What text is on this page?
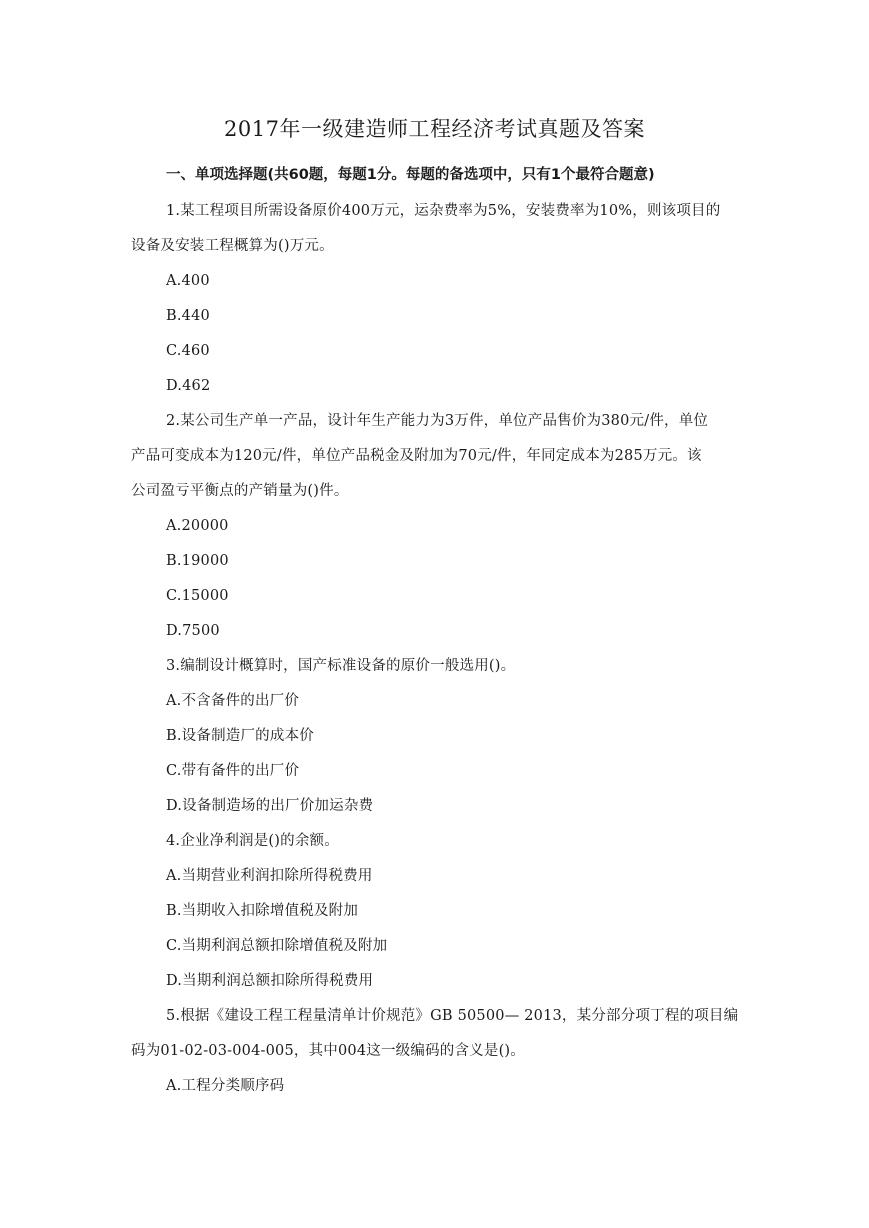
2017年一级建造师工程经济考试真题及答案
一、单项选择题(共60题，每题1分。每题的备选项中，只有1个最符合题意)
1.某工程项目所需设备原价400万元，运杂费率为5%，安装费率为10%，则该项目的
设备及安装工程概算为()万元。
A.400
B.440
C.460
D.462
2.某公司生产单一产品，设计年生产能力为3万件，单位产品售价为380元/件，单位
产品可变成本为120元/件，单位产品税金及附加为70元/件，年同定成本为285万元。该
公司盈亏平衡点的产销量为()件。
A.20000
B.19000
C.15000
D.7500
3.编制设计概算时，国产标准设备的原价一般选用()。
A.不含备件的出厂价
B.设备制造厂的成本价
C.带有备件的出厂价
D.设备制造场的出厂价加运杂费
4.企业净利润是()的余额。
A.当期营业利润扣除所得税费用
B.当期收入扣除增值税及附加
C.当期利润总额扣除增值税及附加
D.当期利润总额扣除所得税费用
5.根据《建设工程工程量清单计价规范》GB 50500— 2013，某分部分项丁程的项目编
码为01-02-03-004-005，其中004这一级编码的含义是()。
A.工程分类顺序码
